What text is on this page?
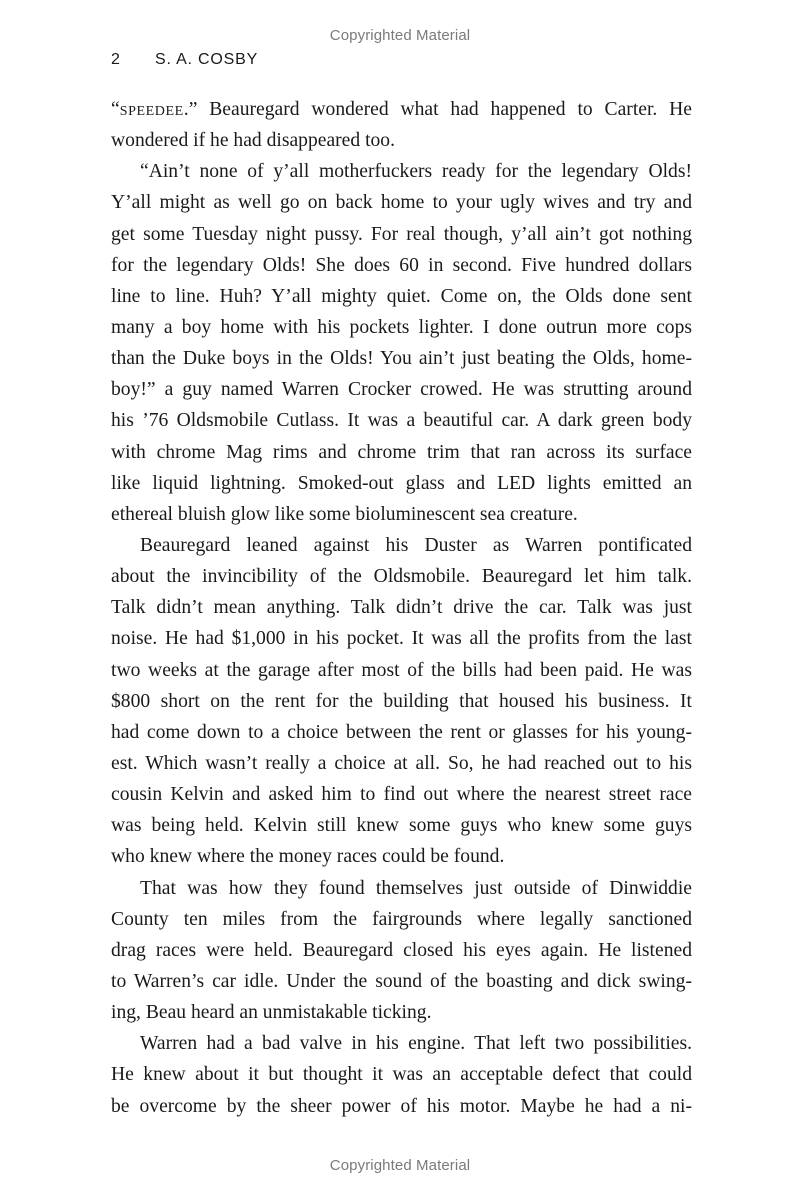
Copyrighted Material
2 S. A. COSBY
“speedee.” Beauregard wondered what had happened to Carter. He
wondered if he had disappeared too.
“Ain’t none of y’all motherfuckers ready for the legendary Olds!
Y’all might as well go on back home to your ugly wives and try and
get some Tuesday night pussy. For real though, y’all ain’t got nothing
for the legendary Olds! She does 60 in second. Five hundred dollars
line to line. Huh? Y’all mighty quiet. Come on, the Olds done sent
many a boy home with his pockets lighter. I done outrun more cops
than the Duke boys in the Olds! You ain’t just beating the Olds, home-
boy!” a guy named Warren Crocker crowed. He was strutting around
his ’76 Oldsmobile Cutlass. It was a beautiful car. A dark green body
with chrome Mag rims and chrome trim that ran across its surface
like liquid lightning. Smoked-out glass and LED lights emitted an
ethereal bluish glow like some bioluminescent sea creature.
Beauregard leaned against his Duster as Warren pontificated
about the invincibility of the Oldsmobile. Beauregard let him talk.
Talk didn’t mean anything. Talk didn’t drive the car. Talk was just
noise. He had $1,000 in his pocket. It was all the profits from the last
two weeks at the garage after most of the bills had been paid. He was
$800 short on the rent for the building that housed his business. It
had come down to a choice between the rent or glasses for his young-
est. Which wasn’t really a choice at all. So, he had reached out to his
cousin Kelvin and asked him to find out where the nearest street race
was being held. Kelvin still knew some guys who knew some guys
who knew where the money races could be found.
That was how they found themselves just outside of Dinwiddie
County ten miles from the fairgrounds where legally sanctioned
drag races were held. Beauregard closed his eyes again. He listened
to Warren’s car idle. Under the sound of the boasting and dick swing-
ing, Beau heard an unmistakable ticking.
Warren had a bad valve in his engine. That left two possibilities.
He knew about it but thought it was an acceptable defect that could
be overcome by the sheer power of his motor. Maybe he had a ni-
Copyrighted Material
